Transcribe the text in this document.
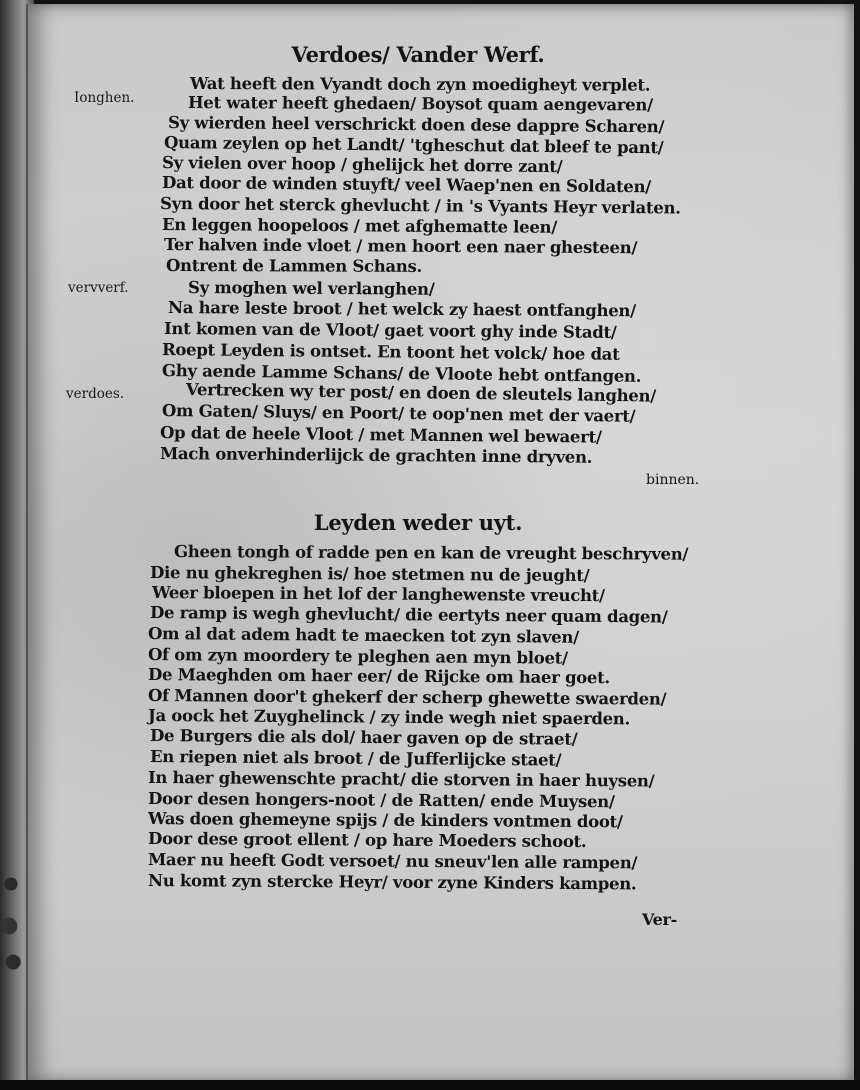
Verdoes/ Vander Werf.
Ionghen.
vervverf.
verdoes.
Wat heeft den Vyandt doch zyn moedigheyt verplet.
Het water heeft ghedaen/ Boysot quam aengevaren/
Sy wierden heel verschrickt doen dese dappre Scharen/
Quam zeylen op het Landt/ 'tgheschut dat bleef te pant/
Sy vielen over hoop / ghelijck het dorre zant/
Dat door de winden stuyft/ veel Waep'nen en Soldaten/
Syn door het sterck ghevlucht / in 's Vyants Heyr verlaten.
En leggen hoopeloos / met afghematte leen/
Ter halven inde vloet / men hoort een naer ghesteen/
Ontrent de Lammen Schans.
Sy moghen wel verlanghen/
Na hare leste broot / het welck zy haest ontfanghen/
Int komen van de Vloot/ gaet voort ghy inde Stadt/
Roept Leyden is ontset. En toont het volck/ hoe dat
Ghy aende Lamme Schans/ de Vloote hebt ontfangen.
Vertrecken wy ter post/ en doen de sleutels langhen/
Om Gaten/ Sluys/ en Poort/ te oop'nen met der vaert/
Op dat de heele Vloot / met Mannen wel bewaert/
Mach onverhinderlijck de grachten inne dryven.
binnen.
Leyden weder uyt.
Gheen tongh of radde pen en kan de vreught beschryven/
Die nu ghekreghen is/ hoe stetmen nu de jeught/
Weer bloepen in het lof der langhewenste vreucht/
De ramp is wegh ghevlucht/ die eertyts neer quam dagen/
Om al dat adem hadt te maecken tot zyn slaven/
Of om zyn moordery te pleghen aen myn bloet/
De Maeghden om haer eer/ de Rijcke om haer goet.
Of Mannen door't ghekerf der scherp ghewette swaerden/
Ja oock het Zuyghelinck / zy inde wegh niet spaerden.
De Burgers die als dol/ haer gaven op de straet/
En riepen niet als broot / de Jufferlijcke staet/
In haer ghewenschte pracht/ die storven in haer huysen/
Door desen hongers-noot / de Ratten/ ende Muysen/
Was doen ghemeyne spijs / de kinders vontmen doot/
Door dese groot ellent / op hare Moeders schoot.
Maer nu heeft Godt versoet/ nu sneuv'len alle rampen/
Nu komt zyn stercke Heyr/ voor zyne Kinders kampen.
Ver-
